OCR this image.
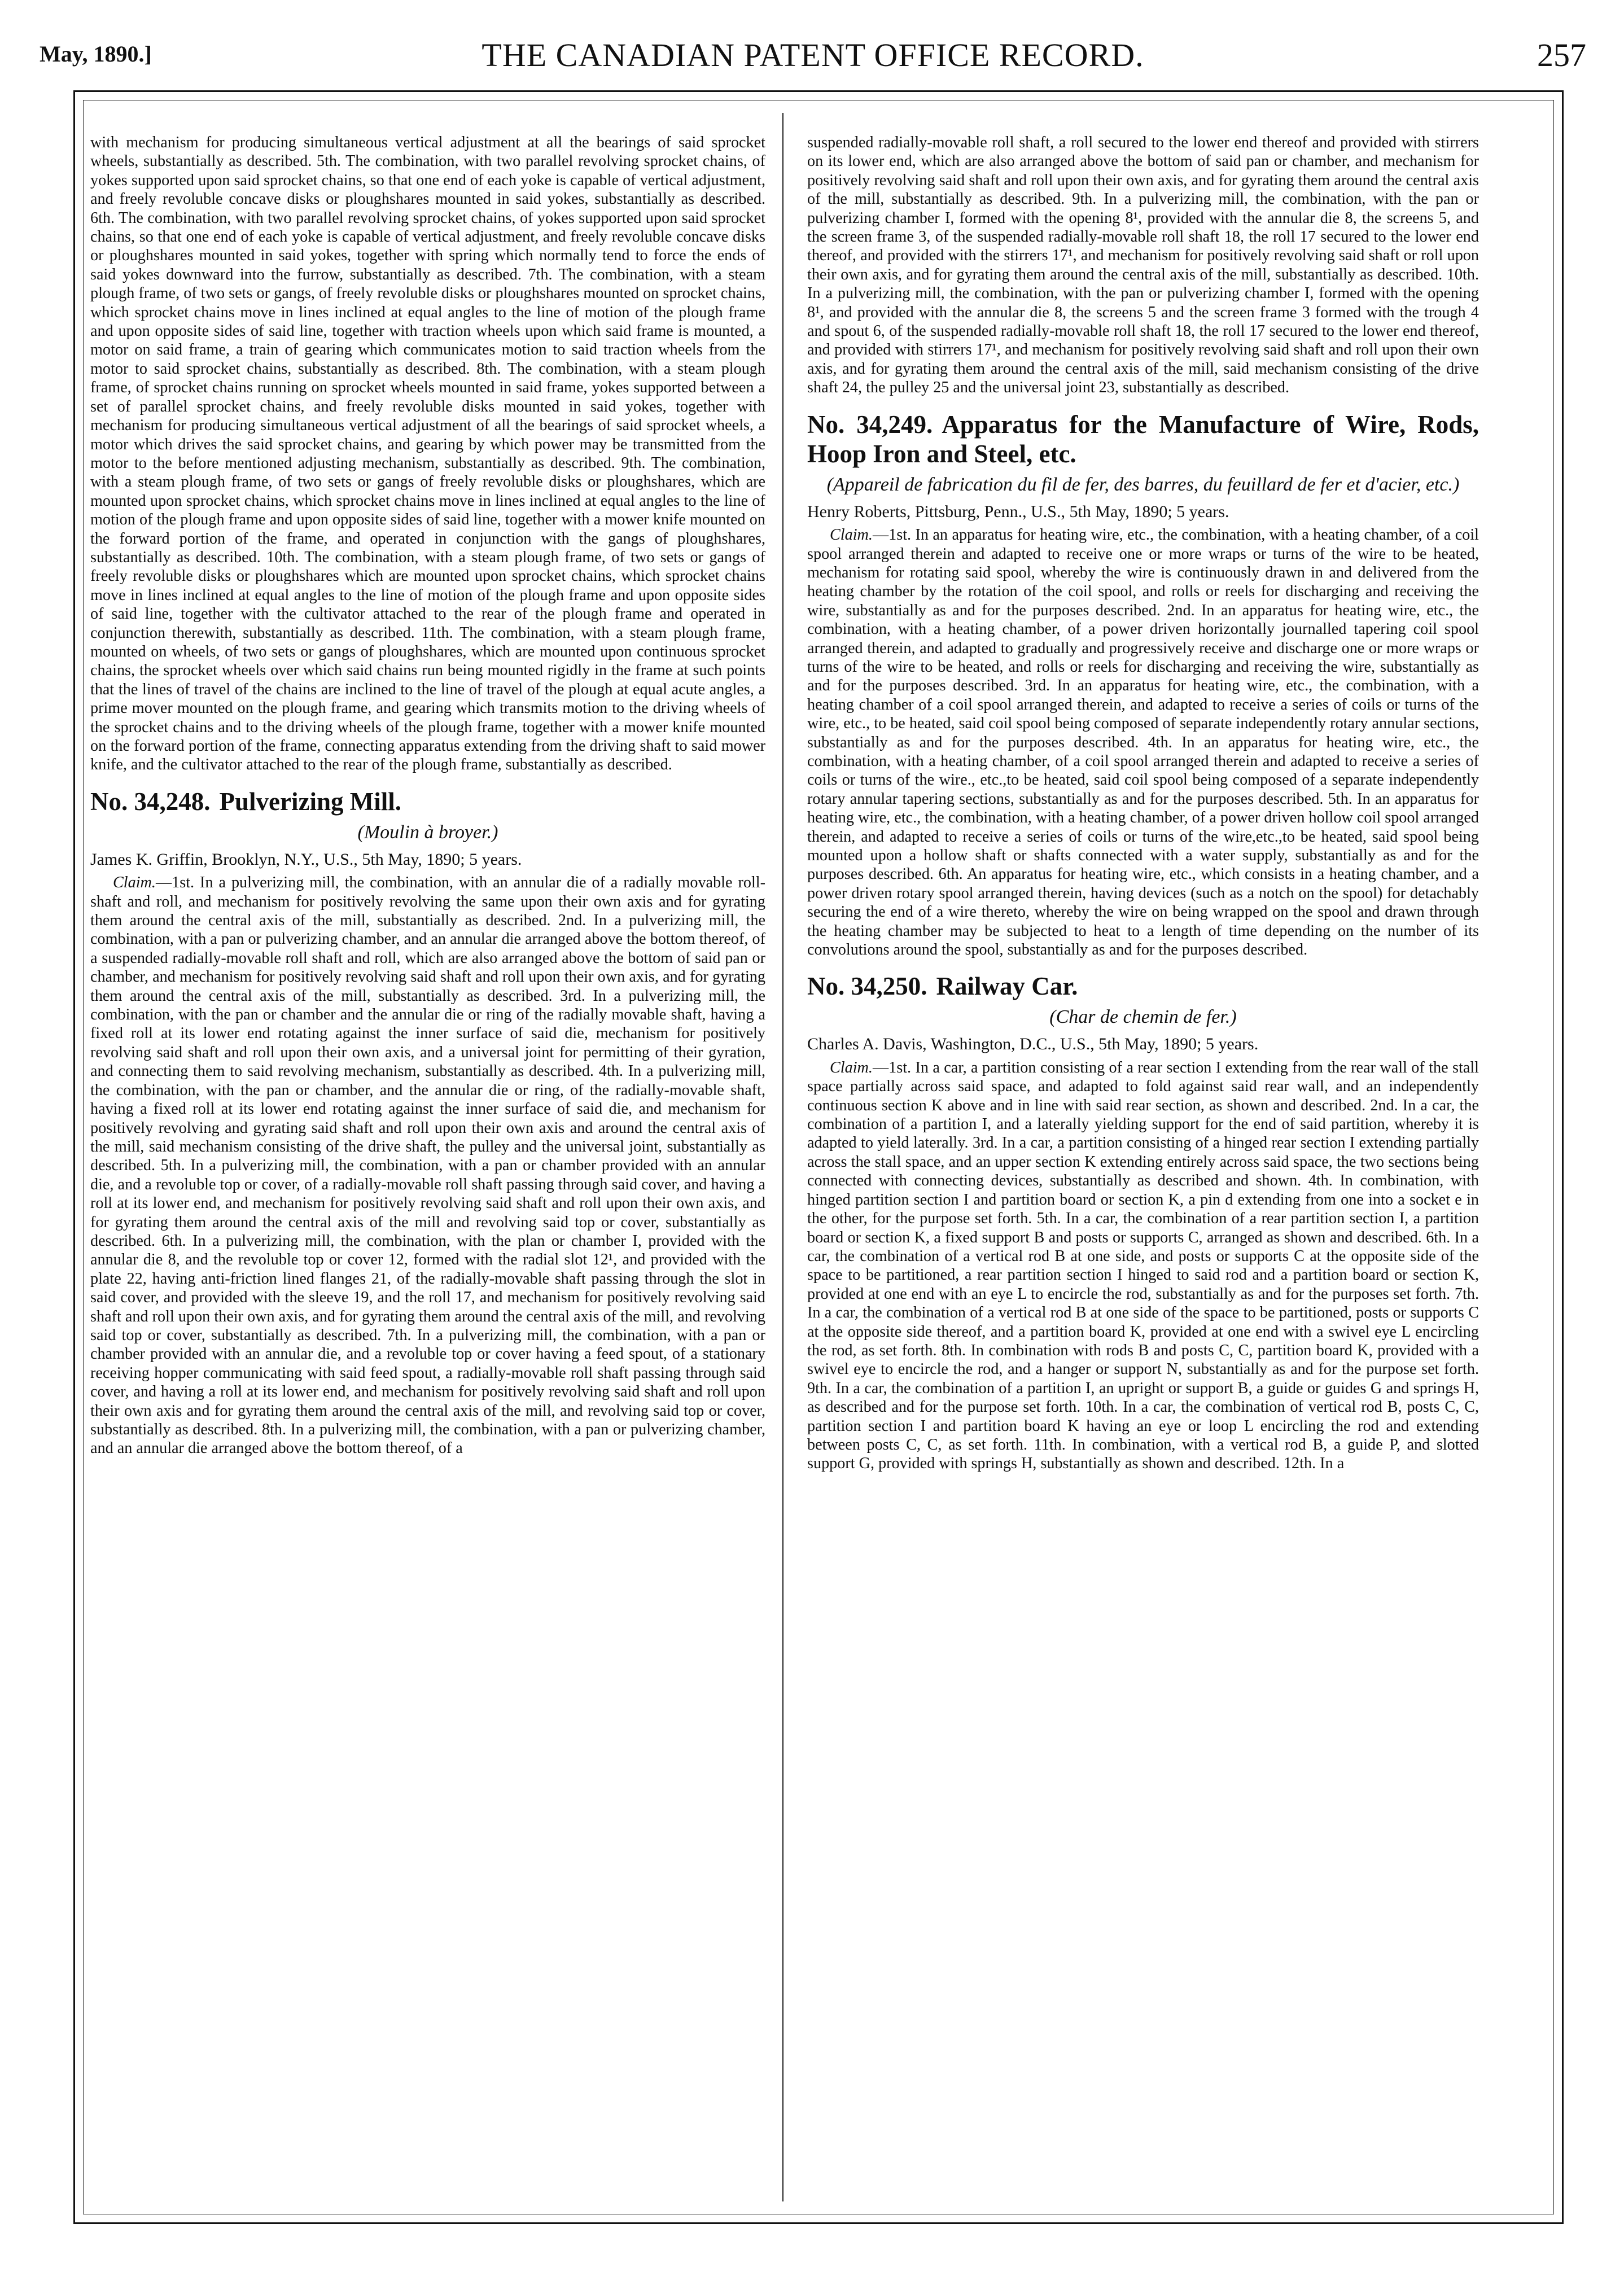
May, 1890.]	THE CANADIAN PATENT OFFICE RECORD.	257

with mechanism for producing simultaneous vertical adjustment at all the bearings of said sprocket wheels, substantially as described. 5th. The combination, with two parallel revolving sprocket chains, of yokes supported upon said sprocket chains, so that one end of each yoke is capable of vertical adjustment, and freely revoluble concave disks or ploughshares mounted in said yokes, substantially as described. 6th. The combination, with two parallel revolving sprocket chains, of yokes supported upon said sprocket chains, so that one end of each yoke is capable of vertical adjustment, and freely revoluble concave disks or ploughshares mounted in said yokes, together with spring which normally tend to force the ends of said yokes downward into the furrow, substantially as described. 7th. The combination, with a steam plough frame, of two sets or gangs, of freely revoluble disks or ploughshares mounted on sprocket chains, which sprocket chains move in lines inclined at equal angles to the line of motion of the plough frame and upon opposite sides of said line, together with traction wheels upon which said frame is mounted, a motor on said frame, a train of gearing which communicates motion to said traction wheels from the motor to said sprocket chains, substantially as described. 8th. The combination, with a steam plough frame, of sprocket chains running on sprocket wheels mounted in said frame, yokes supported between a set of parallel sprocket chains, and freely revoluble disks mounted in said yokes, together with mechanism for producing simultaneous vertical adjustment of all the bearings of said sprocket wheels, a motor which drives the said sprocket chains, and gearing by which power may be transmitted from the motor to the before mentioned adjusting mechanism, substantially as described. 9th. The combination, with a steam plough frame, of two sets or gangs of freely revoluble disks or ploughshares, which are mounted upon sprocket chains, which sprocket chains move in lines inclined at equal angles to the line of motion of the plough frame and upon opposite sides of said line, together with a mower knife mounted on the forward portion of the frame, and operated in conjunction with the gangs of ploughshares, substantially as described. 10th. The combination, with a steam plough frame, of two sets or gangs of freely revoluble disks or ploughshares which are mounted upon sprocket chains, which sprocket chains move in lines inclined at equal angles to the line of motion of the plough frame and upon opposite sides of said line, together with the cultivator attached to the rear of the plough frame and operated in conjunction therewith, substantially as described. 11th. The combination, with a steam plough frame, mounted on wheels, of two sets or gangs of ploughshares, which are mounted upon continuous sprocket chains, the sprocket wheels over which said chains run being mounted rigidly in the frame at such points that the lines of travel of the chains are inclined to the line of travel of the plough at equal acute angles, a prime mover mounted on the plough frame, and gearing which transmits motion to the driving wheels of the sprocket chains and to the driving wheels of the plough frame, together with a mower knife mounted on the forward portion of the frame, connecting apparatus extending from the driving shaft to said mower knife, and the cultivator attached to the rear of the plough frame, substantially as described.

No. 34,248. Pulverizing Mill.
(Moulin à broyer.)
James K. Griffin, Brooklyn, N.Y., U.S., 5th May, 1890; 5 years.

Claim.—1st. In a pulverizing mill, the combination, with an annular die of a radially movable roll-shaft and roll, and mechanism for positively revolving the same upon their own axis and for gyrating them around the central axis of the mill, substantially as described. 2nd. In a pulverizing mill, the combination, with a pan or pulverizing chamber, and an annular die arranged above the bottom thereof, of a suspended radially-movable roll shaft and roll, which are also arranged above the bottom of said pan or chamber, and mechanism for positively revolving said shaft and roll upon their own axis, and for gyrating them around the central axis of the mill, substantially as described. 3rd. In a pulverizing mill, the combination, with the pan or chamber and the annular die or ring of the radially movable shaft, having a fixed roll at its lower end rotating against the inner surface of said die, mechanism for positively revolving said shaft and roll upon their own axis, and a universal joint for permitting of their gyration, and connecting them to said revolving mechanism, substantially as described. 4th. In a pulverizing mill, the combination, with the pan or chamber, and the annular die or ring, of the radially-movable shaft, having a fixed roll at its lower end rotating against the inner surface of said die, and mechanism for positively revolving and gyrating said shaft and roll upon their own axis and around the central axis of the mill, said mechanism consisting of the drive shaft, the pulley and the universal joint, substantially as described. 5th. In a pulverizing mill, the combination, with a pan or chamber provided with an annular die, and a revoluble top or cover, of a radially-movable roll shaft passing through said cover, and having a roll at its lower end, and mechanism for positively revolving said shaft and roll upon their own axis, and for gyrating them around the central axis of the mill and revolving said top or cover, substantially as described. 6th. In a pulverizing mill, the combination, with the plan or chamber I, provided with the annular die 8, and the revoluble top or cover 12, formed with the radial slot 12¹, and provided with the plate 22, having anti-friction lined flanges 21, of the radially-movable shaft passing through the slot in said cover, and provided with the sleeve 19, and the roll 17, and mechanism for positively revolving said shaft and roll upon their own axis, and for gyrating them around the central axis of the mill, and revolving said top or cover, substantially as described. 7th. In a pulverizing mill, the combination, with a pan or chamber provided with an annular die, and a revoluble top or cover having a feed spout, of a stationary receiving hopper communicating with said feed spout, a radially-movable roll shaft passing through said cover, and having a roll at its lower end, and mechanism for positively revolving said shaft and roll upon their own axis and for gyrating them around the central axis of the mill, and revolving said top or cover, substantially as described. 8th. In a pulverizing mill, the combination, with a pan or pulverizing chamber, and an annular die arranged above the bottom thereof, of a

suspended radially-movable roll shaft, a roll secured to the lower end thereof and provided with stirrers on its lower end, which are also arranged above the bottom of said pan or chamber, and mechanism for positively revolving said shaft and roll upon their own axis, and for gyrating them around the central axis of the mill, substantially as described. 9th. In a pulverizing mill, the combination, with the pan or pulverizing chamber I, formed with the opening 8¹, provided with the annular die 8, the screens 5, and the screen frame 3, of the suspended radially-movable roll shaft 18, the roll 17 secured to the lower end thereof, and provided with the stirrers 17¹, and mechanism for positively revolving said shaft or roll upon their own axis, and for gyrating them around the central axis of the mill, substantially as described. 10th. In a pulverizing mill, the combination, with the pan or pulverizing chamber I, formed with the opening 8¹, and provided with the annular die 8, the screens 5 and the screen frame 3 formed with the trough 4 and spout 6, of the suspended radially-movable roll shaft 18, the roll 17 secured to the lower end thereof, and provided with stirrers 17¹, and mechanism for positively revolving said shaft and roll upon their own axis, and for gyrating them around the central axis of the mill, said mechanism consisting of the drive shaft 24, the pulley 25 and the universal joint 23, substantially as described.

No. 34,249. Apparatus for the Manufacture of Wire, Rods, Hoop Iron and Steel, etc.
(Appareil de fabrication du fil de fer, des barres, du feuillard de fer et d'acier, etc.)
Henry Roberts, Pittsburg, Penn., U.S., 5th May, 1890; 5 years.

Claim.—1st. In an apparatus for heating wire, etc., the combination, with a heating chamber, of a coil spool arranged therein and adapted to receive one or more wraps or turns of the wire to be heated, mechanism for rotating said spool, whereby the wire is continuously drawn in and delivered from the heating chamber by the rotation of the coil spool, and rolls or reels for discharging and receiving the wire, substantially as and for the purposes described. 2nd. In an apparatus for heating wire, etc., the combination, with a heating chamber, of a power driven horizontally journalled tapering coil spool arranged therein, and adapted to gradually and progressively receive and discharge one or more wraps or turns of the wire to be heated, and rolls or reels for discharging and receiving the wire, substantially as and for the purposes described. 3rd. In an apparatus for heating wire, etc., the combination, with a heating chamber of a coil spool arranged therein, and adapted to receive a series of coils or turns of the wire, etc., to be heated, said coil spool being composed of separate independently rotary annular sections, substantially as and for the purposes described. 4th. In an apparatus for heating wire, etc., the combination, with a heating chamber, of a coil spool arranged therein and adapted to receive a series of coils or turns of the wire., etc.,to be heated, said coil spool being composed of a separate independently rotary annular tapering sections, substantially as and for the purposes described. 5th. In an apparatus for heating wire, etc., the combination, with a heating chamber, of a power driven hollow coil spool arranged therein, and adapted to receive a series of coils or turns of the wire,etc.,to be heated, said spool being mounted upon a hollow shaft or shafts connected with a water supply, substantially as and for the purposes described. 6th. An apparatus for heating wire, etc., which consists in a heating chamber, and a power driven rotary spool arranged therein, having devices (such as a notch on the spool) for detachably securing the end of a wire thereto, whereby the wire on being wrapped on the spool and drawn through the heating chamber may be subjected to heat to a length of time depending on the number of its convolutions around the spool, substantially as and for the purposes described.

No. 34,250. Railway Car.
(Char de chemin de fer.)
Charles A. Davis, Washington, D.C., U.S., 5th May, 1890; 5 years.

Claim.—1st. In a car, a partition consisting of a rear section I extending from the rear wall of the stall space partially across said space, and adapted to fold against said rear wall, and an independently continuous section K above and in line with said rear section, as shown and described. 2nd. In a car, the combination of a partition I, and a laterally yielding support for the end of said partition, whereby it is adapted to yield laterally. 3rd. In a car, a partition consisting of a hinged rear section I extending partially across the stall space, and an upper section K extending entirely across said space, the two sections being connected with connecting devices, substantially as described and shown. 4th. In combination, with hinged partition section I and partition board or section K, a pin d extending from one into a socket e in the other, for the purpose set forth. 5th. In a car, the combination of a rear partition section I, a partition board or section K, a fixed support B and posts or supports C, arranged as shown and described. 6th. In a car, the combination of a vertical rod B at one side, and posts or supports C at the opposite side of the space to be partitioned, a rear partition section I hinged to said rod and a partition board or section K, provided at one end with an eye L to encircle the rod, substantially as and for the purposes set forth. 7th. In a car, the combination of a vertical rod B at one side of the space to be partitioned, posts or supports C at the opposite side thereof, and a partition board K, provided at one end with a swivel eye L encircling the rod, as set forth. 8th. In combination with rods B and posts C, C, partition board K, provided with a swivel eye to encircle the rod, and a hanger or support N, substantially as and for the purpose set forth. 9th. In a car, the combination of a partition I, an upright or support B, a guide or guides G and springs H, as described and for the purpose set forth. 10th. In a car, the combination of vertical rod B, posts C, C, partition section I and partition board K having an eye or loop L encircling the rod and extending between posts C, C, as set forth. 11th. In combination, with a vertical rod B, a guide P, and slotted support G, provided with springs H, substantially as shown and described. 12th. In a
